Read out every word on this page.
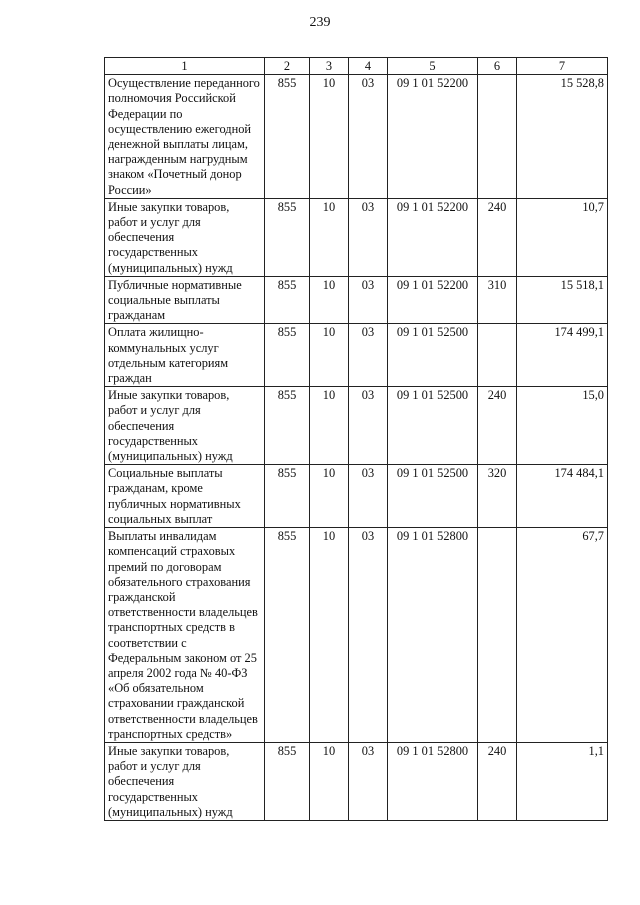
239
1	2	3	4	5	6	7
Осуществление переданного полномочия Российской Федерации по осуществлению ежегодной денежной выплаты лицам, награжденным нагрудным знаком «Почетный донор России»	855	10	03	09 1 01 52200		15 528,8
Иные закупки товаров, работ и услуг для обеспечения государственных (муниципальных) нужд	855	10	03	09 1 01 52200	240	10,7
Публичные нормативные социальные выплаты гражданам	855	10	03	09 1 01 52200	310	15 518,1
Оплата жилищно-коммунальных услуг отдельным категориям граждан	855	10	03	09 1 01 52500		174 499,1
Иные закупки товаров, работ и услуг для обеспечения государственных (муниципальных) нужд	855	10	03	09 1 01 52500	240	15,0
Социальные выплаты гражданам, кроме публичных нормативных социальных выплат	855	10	03	09 1 01 52500	320	174 484,1
Выплаты инвалидам компенсаций страховых премий по договорам обязательного страхования гражданской ответственности владельцев транспортных средств в соответствии с Федеральным законом от 25 апреля 2002 года № 40-ФЗ «Об обязательном страховании гражданской ответственности владельцев транспортных средств»	855	10	03	09 1 01 52800		67,7
Иные закупки товаров, работ и услуг для обеспечения государственных (муниципальных) нужд	855	10	03	09 1 01 52800	240	1,1
